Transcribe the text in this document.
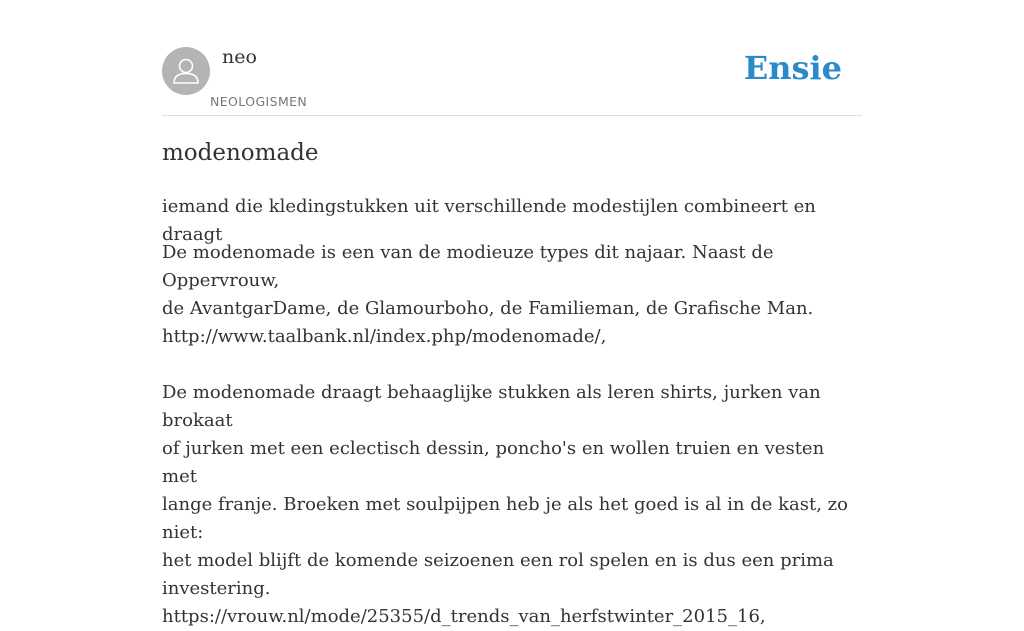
neo
NEOLOGISMEN
Ensie
modenomade

iemand die kledingstukken uit verschillende modestijlen combineert en draagt

De modenomade is een van de modieuze types dit najaar. Naast de Oppervrouw,

de AvantgarDame, de Glamourboho, de Familieman, de Grafische Man.

http://www.taalbank.nl/index.php/modenomade/,

De modenomade draagt behaaglijke stukken als leren shirts, jurken van brokaat

of jurken met een eclectisch dessin, poncho's en wollen truien en vesten met

lange franje. Broeken met soulpijpen heb je als het goed is al in de kast, zo niet:

het model blijft de komende seizoenen een rol spelen en is dus een prima

investering.

https://vrouw.nl/mode/25355/d_trends_van_herfstwinter_2015_16,
